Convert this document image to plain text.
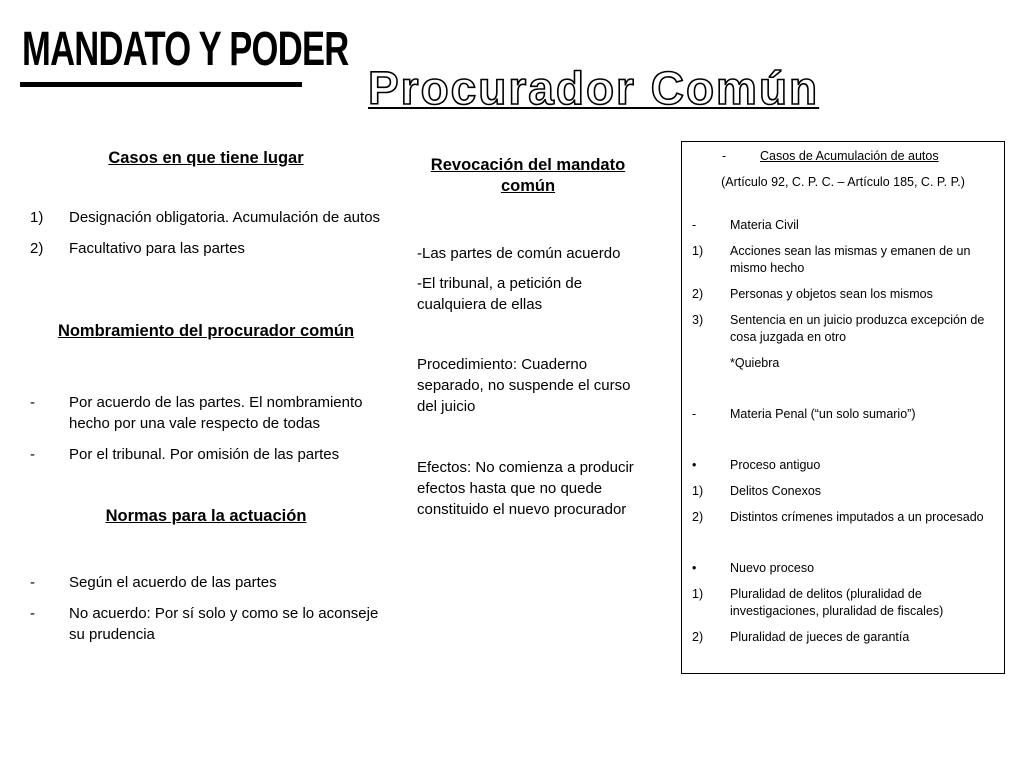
MANDATO Y PODER
Procurador Común
Casos en que tiene lugar
1)	Designación obligatoria. Acumulación de autos
2)	Facultativo para las partes
Nombramiento del procurador común
-	Por acuerdo de las partes. El nombramiento hecho por una vale respecto de todas
-	Por el tribunal. Por omisión de las partes
Normas para la actuación
-	Según el acuerdo de las partes
-	No acuerdo: Por sí solo y como se lo aconseje su prudencia
Revocación del mandato común
-Las partes de común acuerdo
-El tribunal, a petición de cualquiera de ellas
Procedimiento: Cuaderno separado, no suspende el curso del juicio
Efectos: No comienza a producir efectos hasta que no quede constituido el nuevo procurador
-	Casos de Acumulación de autos
(Artículo 92, C. P. C. – Artículo 185, C. P. P.)
-	Materia Civil
1)	Acciones sean las mismas y emanen de un mismo hecho
2)	Personas y objetos sean los mismos
3)	Sentencia en un juicio produzca excepción de cosa juzgada en otro
*Quiebra
-	Materia Penal (“un solo sumario”)
•	Proceso antiguo
1)	Delitos Conexos
2)	Distintos crímenes imputados a un procesado
•	Nuevo proceso
1)	Pluralidad de delitos (pluralidad de investigaciones, pluralidad de fiscales)
2)	Pluralidad de jueces de garantía
